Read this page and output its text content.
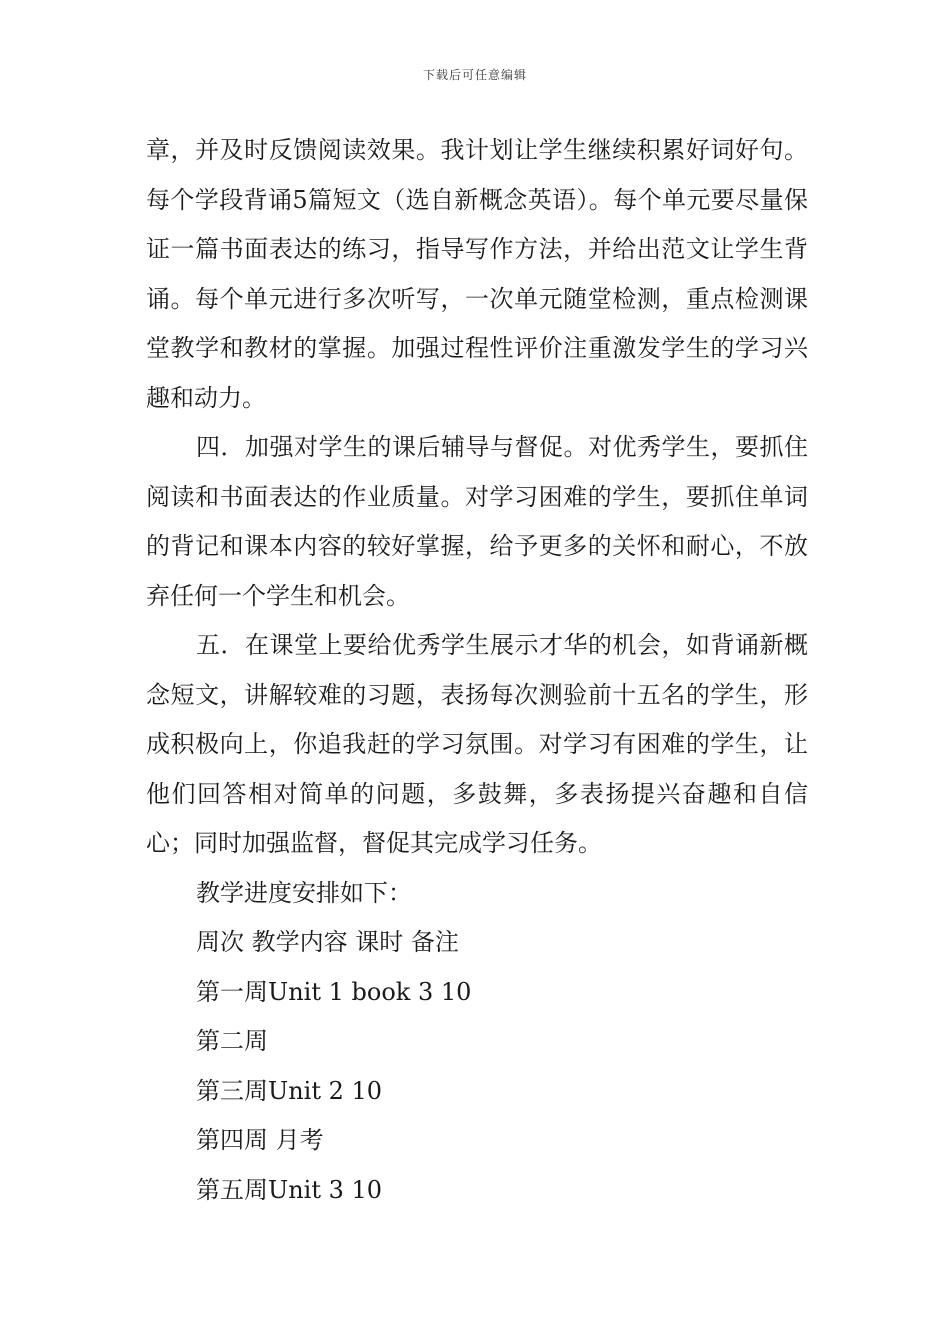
下载后可任意编辑

章，并及时反馈阅读效果。我计划让学生继续积累好词好句。每个学段背诵5篇短文（选自新概念英语）。每个单元要尽量保证一篇书面表达的练习，指导写作方法，并给出范文让学生背诵。每个单元进行多次听写，一次单元随堂检测，重点检测课堂教学和教材的掌握。加强过程性评价注重激发学生的学习兴趣和动力。

四．加强对学生的课后辅导与督促。对优秀学生，要抓住阅读和书面表达的作业质量。对学习困难的学生，要抓住单词的背记和课本内容的较好掌握，给予更多的关怀和耐心，不放弃任何一个学生和机会。

五．在课堂上要给优秀学生展示才华的机会，如背诵新概念短文，讲解较难的习题，表扬每次测验前十五名的学生，形成积极向上，你追我赶的学习氛围。对学习有困难的学生，让他们回答相对简单的问题，多鼓舞，多表扬提兴奋趣和自信心；同时加强监督，督促其完成学习任务。

教学进度安排如下：

周次 教学内容 课时 备注

第一周Unit 1 book 3 10

第二周

第三周Unit 2 10

第四周 月考

第五周Unit 3 10
